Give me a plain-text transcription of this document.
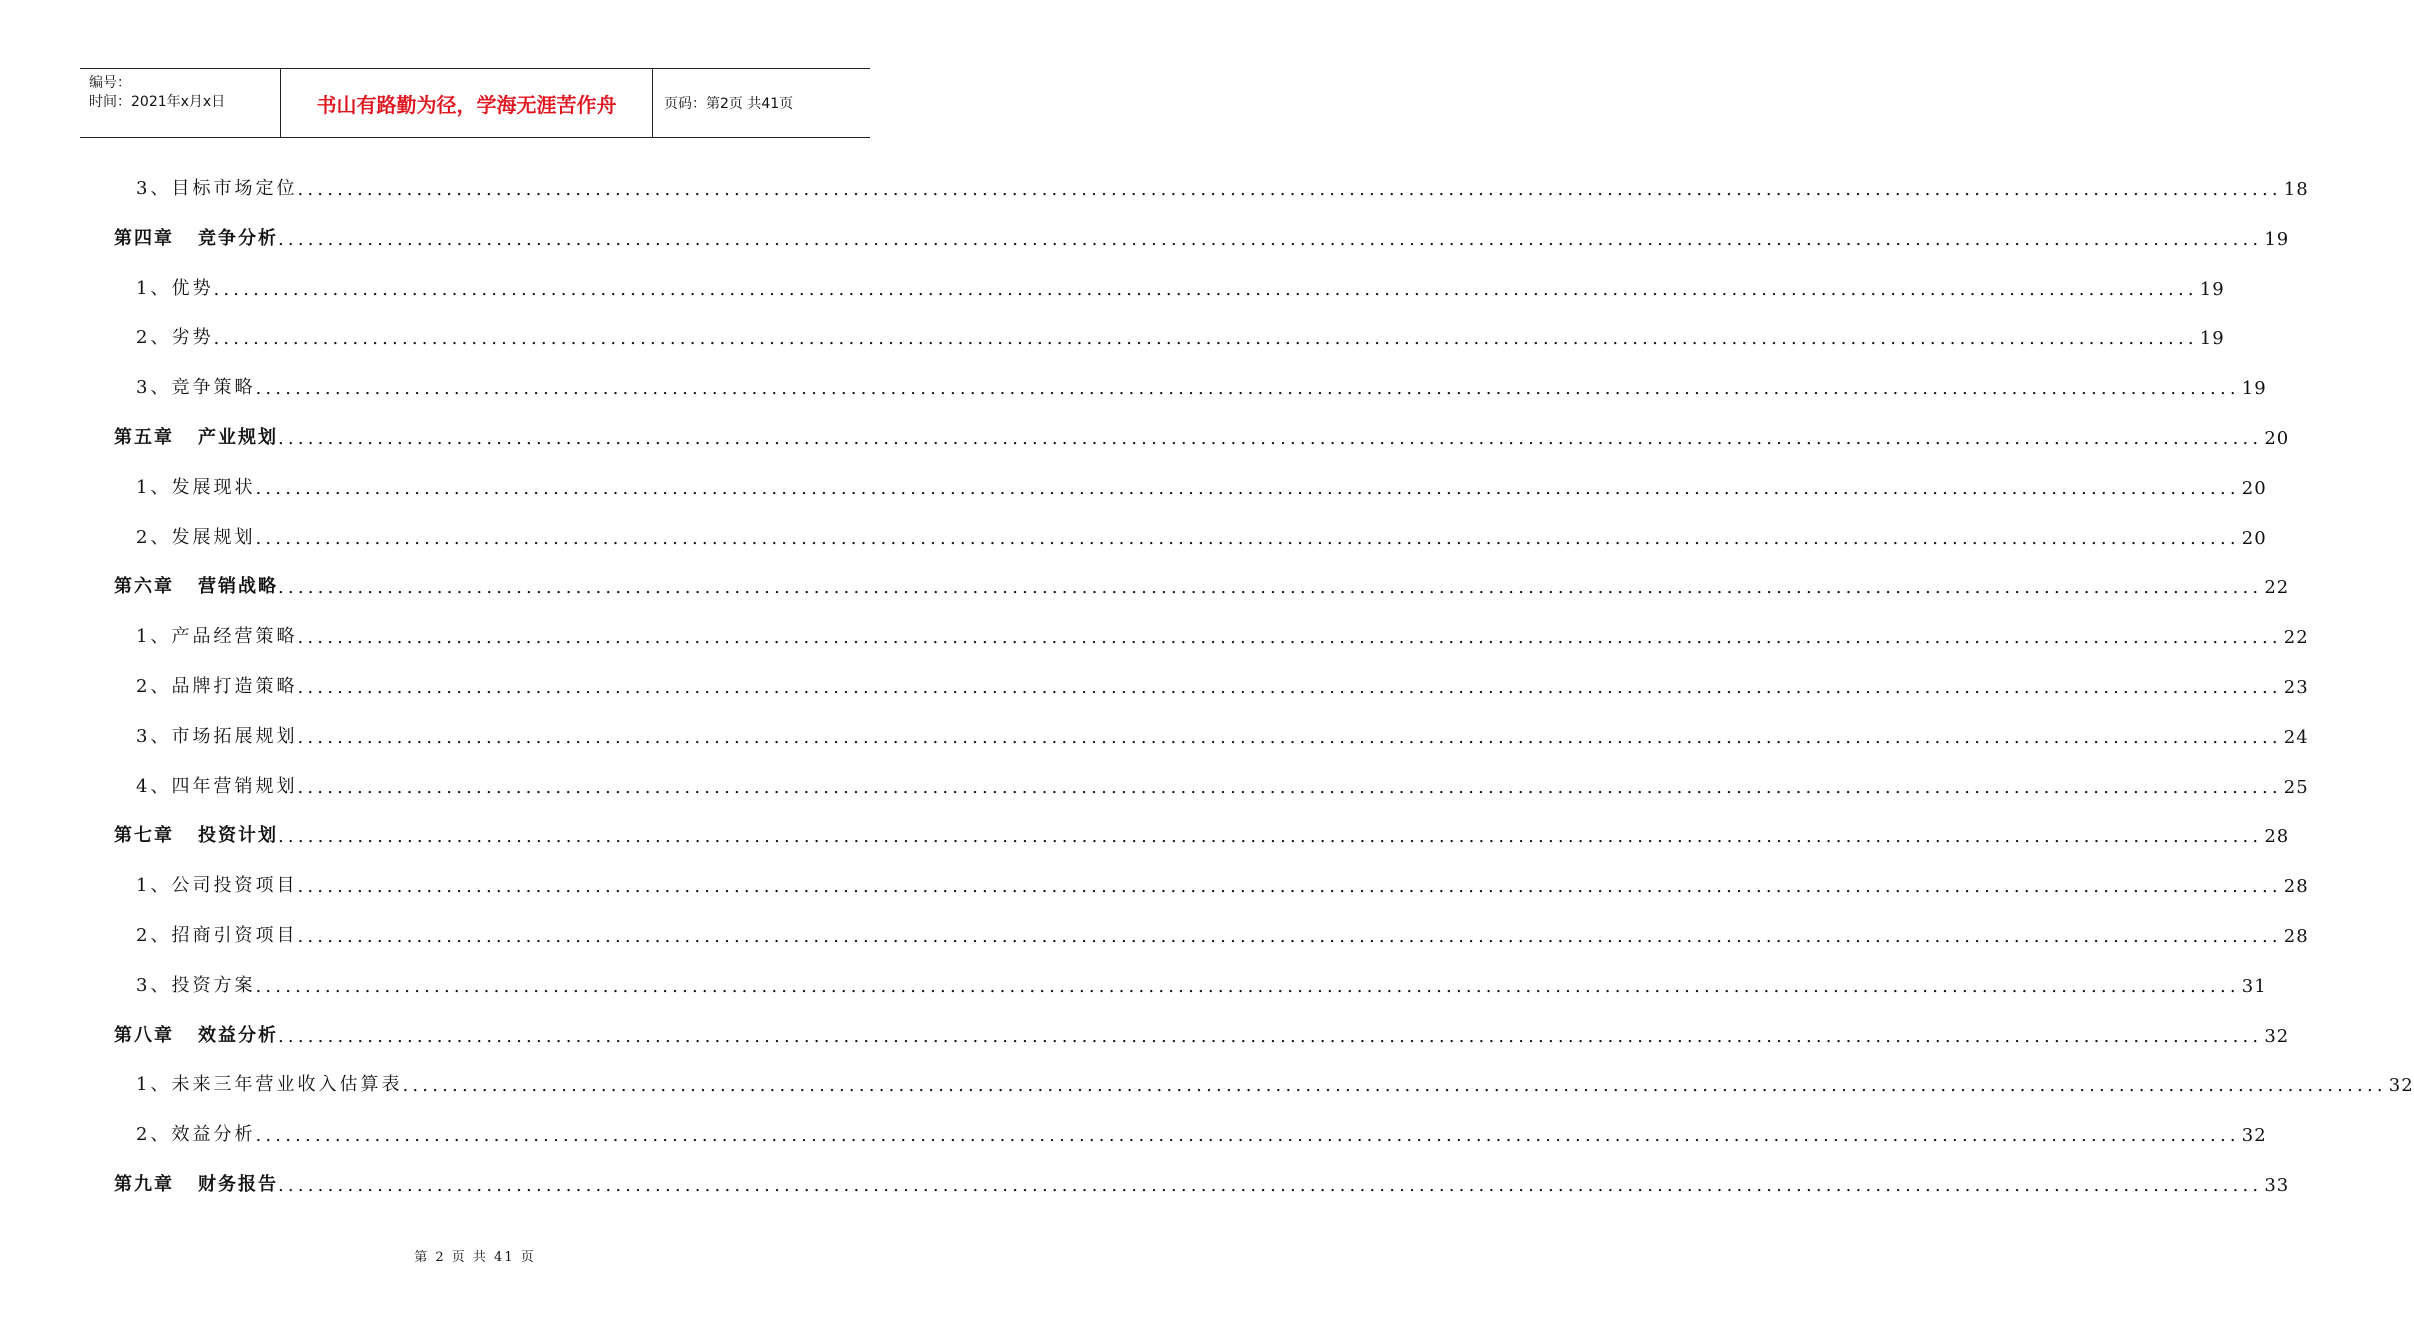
编号：
时间：2021年x月x日	书山有路勤为径，学海无涯苦作舟	页码：第2页 共41页
3、目标市场定位 ........................................................................................................................................................................................................ 18
第四章 竞争分析 ........................................................................................................................................................................................................ 19
1、优势 ........................................................................................................................................................................................................ 19
2、劣势 ........................................................................................................................................................................................................ 19
3、竞争策略 ........................................................................................................................................................................................................ 19
第五章 产业规划 ........................................................................................................................................................................................................ 20
1、发展现状 ........................................................................................................................................................................................................ 20
2、发展规划 ........................................................................................................................................................................................................ 20
第六章 营销战略 ........................................................................................................................................................................................................ 22
1、产品经营策略 ........................................................................................................................................................................................................ 22
2、品牌打造策略 ........................................................................................................................................................................................................ 23
3、市场拓展规划 ........................................................................................................................................................................................................ 24
4、四年营销规划 ........................................................................................................................................................................................................ 25
第七章 投资计划 ........................................................................................................................................................................................................ 28
1、公司投资项目 ........................................................................................................................................................................................................ 28
2、招商引资项目 ........................................................................................................................................................................................................ 28
3、投资方案 ........................................................................................................................................................................................................ 31
第八章 效益分析 ........................................................................................................................................................................................................ 32
1、未来三年营业收入估算表 ........................................................................................................................................................................................................ 32
2、效益分析 ........................................................................................................................................................................................................ 32
第九章 财务报告 ........................................................................................................................................................................................................ 33
第 2 页 共 41 页
